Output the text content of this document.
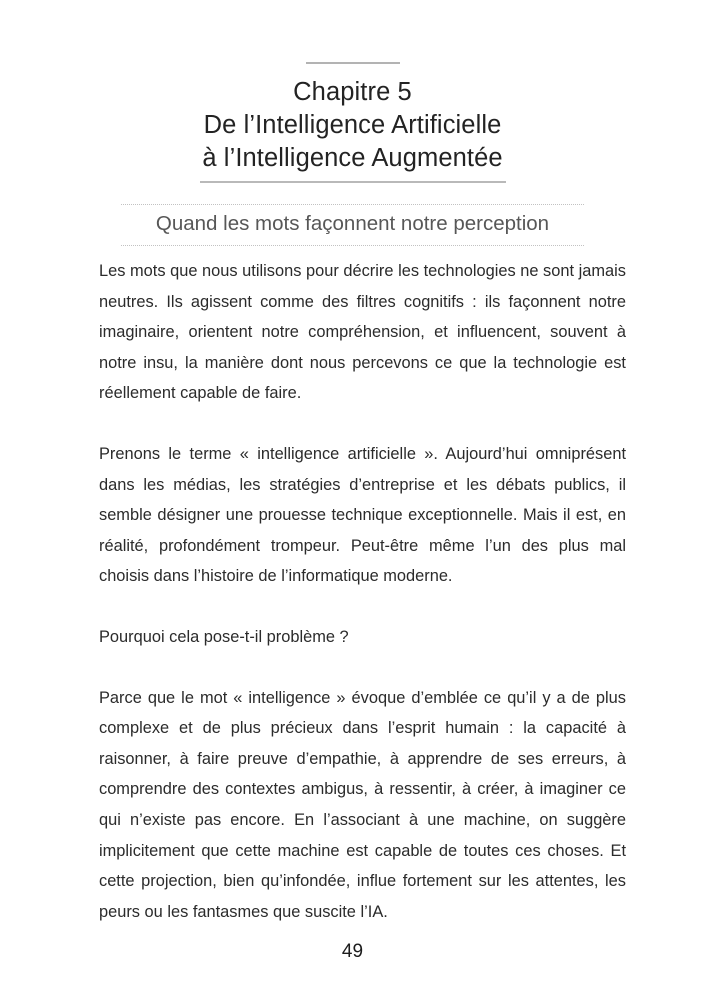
Chapitre 5
De l’Intelligence Artificielle
à l’Intelligence Augmentée
Quand les mots façonnent notre perception

Les mots que nous utilisons pour décrire les technologies ne sont jamais neutres. Ils agissent comme des filtres cognitifs : ils façonnent notre imaginaire, orientent notre compréhension, et influencent, souvent à notre insu, la manière dont nous percevons ce que la technologie est réellement capable de faire.

Prenons le terme « intelligence artificielle ». Aujourd’hui omniprésent dans les médias, les stratégies d’entreprise et les débats publics, il semble désigner une prouesse technique exceptionnelle. Mais il est, en réalité, profondément trompeur. Peut-être même l’un des plus mal choisis dans l’histoire de l’informatique moderne.

Pourquoi cela pose-t-il problème ?

Parce que le mot « intelligence » évoque d’emblée ce qu’il y a de plus complexe et de plus précieux dans l’esprit humain : la capacité à raisonner, à faire preuve d’empathie, à apprendre de ses erreurs, à comprendre des contextes ambigus, à ressentir, à créer, à imaginer ce qui n’existe pas encore. En l’associant à une machine, on suggère implicitement que cette machine est capable de toutes ces choses. Et cette projection, bien qu’infondée, influe fortement sur les attentes, les peurs ou les fantasmes que suscite l’IA.

49
